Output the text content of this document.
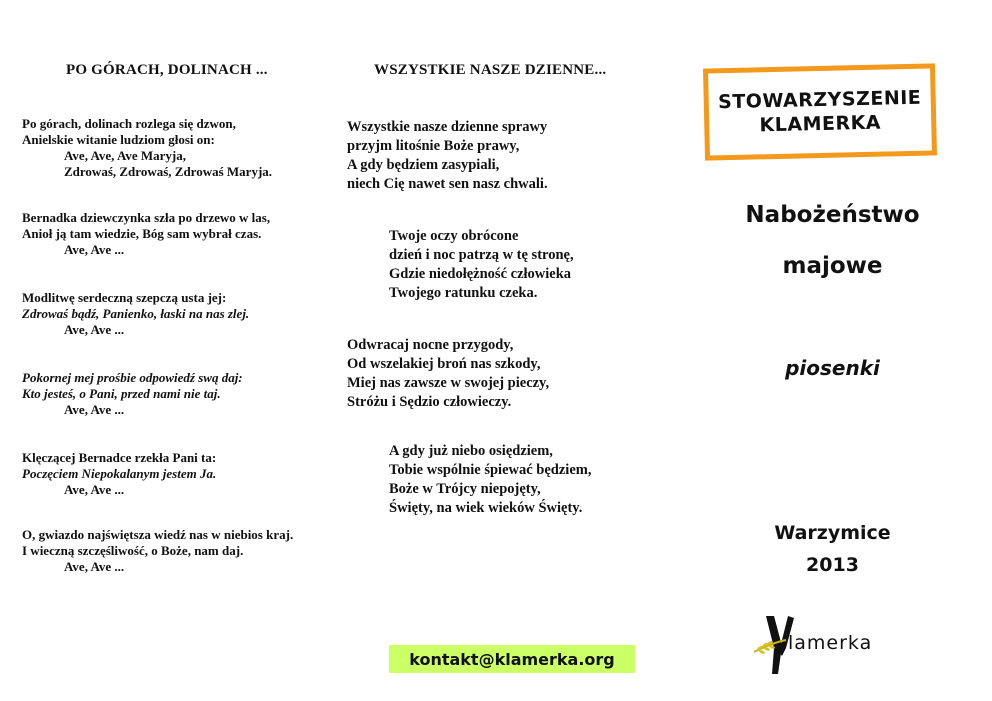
PO GÓRACH, DOLINACH ...
Po górach, dolinach rozlega się dzwon,
Anielskie witanie ludziom głosi on:
Ave, Ave, Ave Maryja,
Zdrowaś, Zdrowaś, Zdrowaś Maryja.
Bernadka dziewczynka szła po drzewo w las,
Anioł ją tam wiedzie, Bóg sam wybrał czas.
Ave, Ave ...
Modlitwę serdeczną szepczą usta jej:
Zdrowaś bądź, Panienko, łaski na nas zlej.
Ave, Ave ...
Pokornej mej prośbie odpowiedź swą daj:
Kto jesteś, o Pani, przed nami nie taj.
Ave, Ave ...
Klęczącej Bernadce rzekła Pani ta:
Poczęciem Niepokalanym jestem Ja.
Ave, Ave ...
O, gwiazdo najświętsza wiedź nas w niebios kraj.
I wieczną szczęśliwość, o Boże, nam daj.
Ave, Ave ...
WSZYSTKIE NASZE DZIENNE...
Wszystkie nasze dzienne sprawy
przyjm litośnie Boże prawy,
A gdy będziem zasypiali,
niech Cię nawet sen nasz chwali.
Twoje oczy obrócone
dzień i noc patrzą w tę stronę,
Gdzie niedołężność człowieka
Twojego ratunku czeka.
Odwracaj nocne przygody,
Od wszelakiej broń nas szkody,
Miej nas zawsze w swojej pieczy,
Stróżu i Sędzio człowieczy.
A gdy już niebo osiędziem,
Tobie wspólnie śpiewać będziem,
Boże w Trójcy niepojęty,
Święty, na wiek wieków Święty.
kontakt@klamerka.org
STOWARZYSZENIE
KLAMERKA
Nabożeństwo
majowe
piosenki
Warzymice
2013
lamerka
